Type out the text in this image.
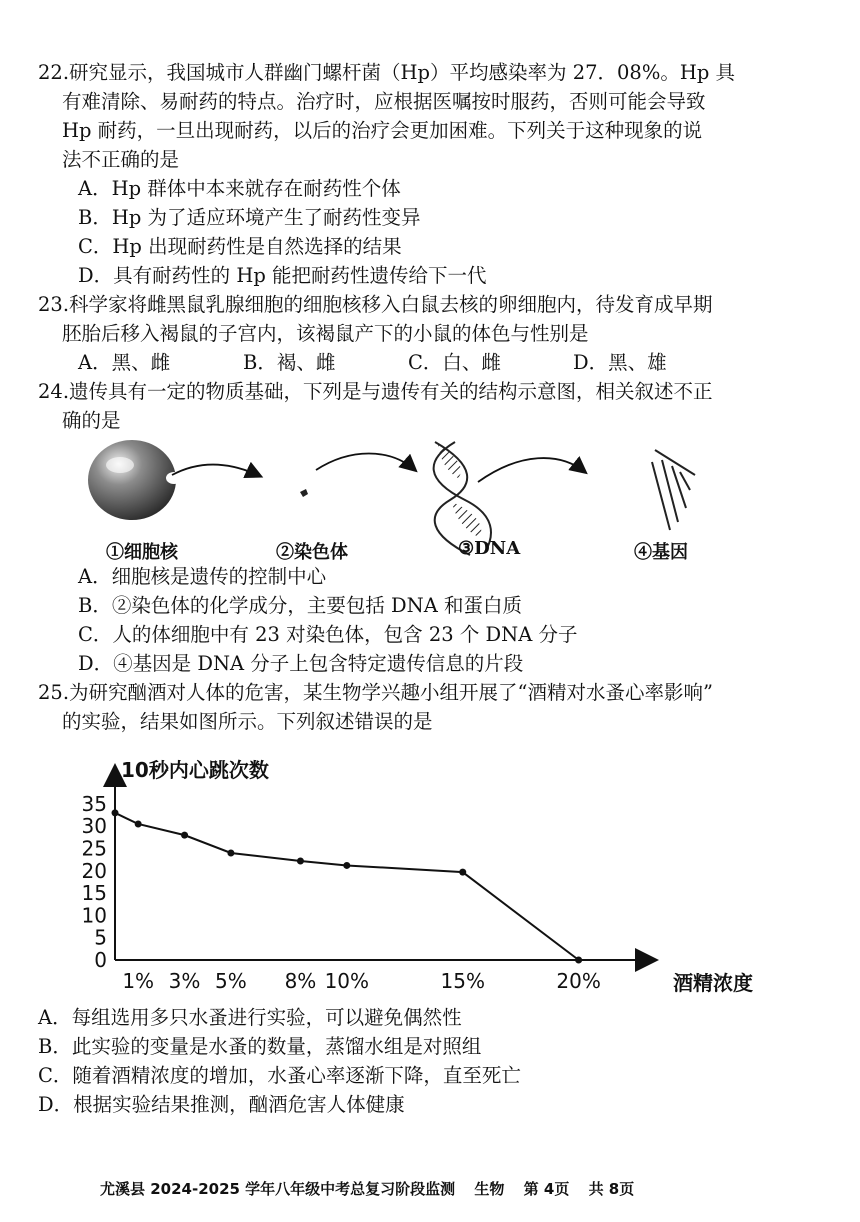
22.研究显示，我国城市人群幽门螺杆菌（Hp）平均感染率为 27．08%。Hp 具
有难清除、易耐药的特点。治疗时，应根据医嘱按时服药，否则可能会导致
Hp 耐药，一旦出现耐药，以后的治疗会更加困难。下列关于这种现象的说
法不正确的是
A．Hp 群体中本来就存在耐药性个体
B．Hp 为了适应环境产生了耐药性变异
C．Hp 出现耐药性是自然选择的结果
D．具有耐药性的 Hp 能把耐药性遗传给下一代
23.科学家将雌黑鼠乳腺细胞的细胞核移入白鼠去核的卵细胞内，待发育成早期
胚胎后移入褐鼠的子宫内，该褐鼠产下的小鼠的体色与性别是
A．黑、雌	B．褐、雌	C．白、雌	D．黑、雄
24.遗传具有一定的物质基础，下列是与遗传有关的结构示意图，相关叙述不正
确的是
①细胞核	②染色体	③DNA	④基因
A．细胞核是遗传的控制中心
B．②染色体的化学成分，主要包括 DNA 和蛋白质
C．人的体细胞中有 23 对染色体，包含 23 个 DNA 分子
D．④基因是 DNA 分子上包含特定遗传信息的片段
25.为研究酗酒对人体的危害，某生物学兴趣小组开展了“酒精对水蚤心率影响”
的实验，结果如图所示。下列叙述错误的是
10秒内心跳次数
酒精浓度
0
5
10
15
20
25
30
35
1% 3% 5% 8% 10%	15%	20%
A．每组选用多只水蚤进行实验，可以避免偶然性
B．此实验的变量是水蚤的数量，蒸馏水组是对照组
C．随着酒精浓度的增加，水蚤心率逐渐下降，直至死亡
D．根据实验结果推测，酗酒危害人体健康
尤溪县 2024-2025 学年八年级中考总复习阶段监测 生物 第 4页 共 8页
